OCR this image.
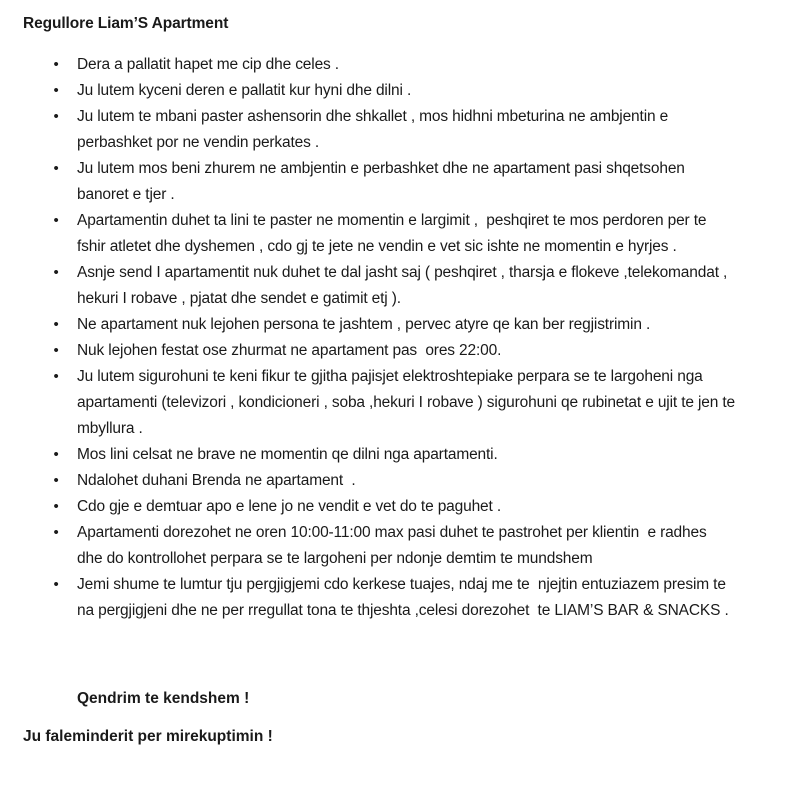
Regullore Liam’S Apartment
• Dera a pallatit hapet me cip dhe celes .
• Ju lutem kyceni deren e pallatit kur hyni dhe dilni .
• Ju lutem te mbani paster ashensorin dhe shkallet , mos hidhni mbeturina ne ambjentin e perbashket por ne vendin perkates .
• Ju lutem mos beni zhurem ne ambjentin e perbashket dhe ne apartament pasi shqetsohen banoret e tjer .
• Apartamentin duhet ta lini te paster ne momentin e largimit ,  peshqiret te mos perdoren per te fshir atletet dhe dyshemen , cdo gj te jete ne vendin e vet sic ishte ne momentin e hyrjes .
• Asnje send I apartamentit nuk duhet te dal jasht saj ( peshqiret , tharsja e flokeve ,telekomandat , hekuri I robave , pjatat dhe sendet e gatimit etj ).
• Ne apartament nuk lejohen persona te jashtem , pervec atyre qe kan ber regjistrimin .
• Nuk lejohen festat ose zhurmat ne apartament pas  ores 22:00.
• Ju lutem sigurohuni te keni fikur te gjitha pajisjet elektroshtepiake perpara se te largoheni nga apartamenti (televizori , kondicioneri , soba ,hekuri I robave ) sigurohuni qe rubinetat e ujit te jen te mbyllura .
• Mos lini celsat ne brave ne momentin qe dilni nga apartamenti.
• Ndalohet duhani Brenda ne apartament  .
• Cdo gje e demtuar apo e lene jo ne vendit e vet do te paguhet .
• Apartamenti dorezohet ne oren 10:00-11:00 max pasi duhet te pastrohet per klientin  e radhes  dhe do kontrollohet perpara se te largoheni per ndonje demtim te mundshem
• Jemi shume te lumtur tju pergjigjemi cdo kerkese tuajes, ndaj me te  njejtin entuziazem presim te na pergjigjeni dhe ne per rregullat tona te thjeshta ,celesi dorezohet  te LIAM’S BAR & SNACKS .
Qendrim te kendshem !
Ju faleminderit per mirekuptimin !
